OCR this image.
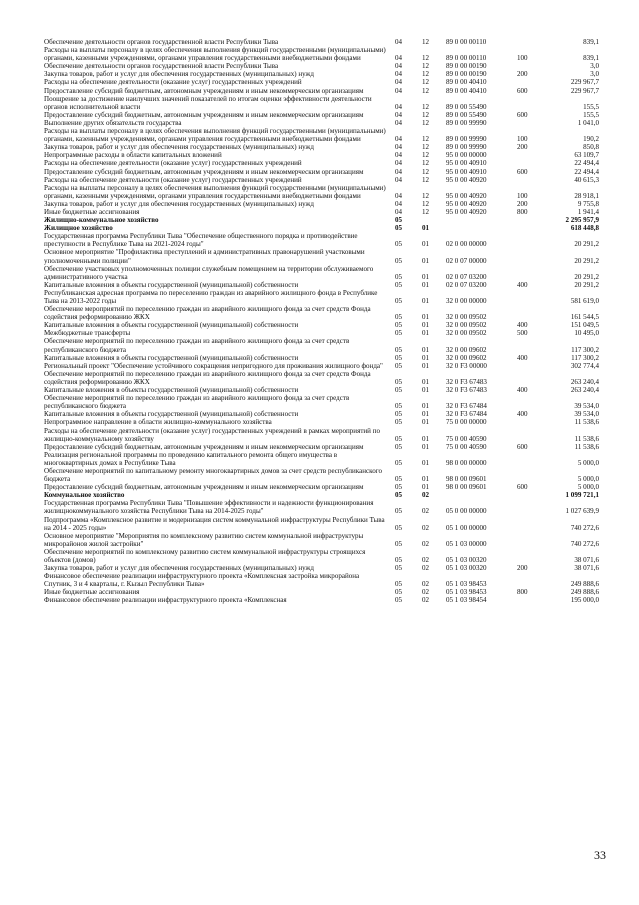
Обеспечение деятельности органов государственной власти Республики Тыва	04	12	89 0 00 00110	839,1
Расходы на выплаты персоналу в целях обеспечения выполнения функций государственными (муниципальными) органами, казенными учреждениями, органами управления государственными внебюджетными фондами	04	12	89 0 00 00110	100	839,1
Обеспечение деятельности органов государственной власти Республики Тыва	04	12	89 0 00 00190	3,0
Закупка товаров, работ и услуг для обеспечения государственных (муниципальных) нужд	04	12	89 0 00 00190	200	3,0
Расходы на обеспечение деятельности (оказание услуг) государственных учреждений	04	12	89 0 00 40410	229 967,7
Предоставление субсидий бюджетным, автономным учреждениям и иным некоммерческим организациям	04	12	89 0 00 40410	600	229 967,7
Поощрение за достижение наилучших значений показателей по итогам оценки эффективности деятельности органов исполнительной власти	04	12	89 0 00 55490	155,5
Предоставление субсидий бюджетным, автономным учреждениям и иным некоммерческим организациям	04	12	89 0 00 55490	600	155,5
Выполнение других обязательств государства	04	12	89 0 00 99990	1 041,0
Расходы на выплаты персоналу в целях обеспечения выполнения функций государственными (муниципальными) органами, казенными учреждениями, органами управления государственными внебюджетными фондами	04	12	89 0 00 99990	100	190,2
Закупка товаров, работ и услуг для обеспечения государственных (муниципальных) нужд	04	12	89 0 00 99990	200	850,8
Непрограммные расходы в области капитальных вложений	04	12	95 0 00 00000	63 109,7
Расходы на обеспечение деятельности (оказание услуг) государственных учреждений	04	12	95 0 00 40910	22 494,4
Предоставление субсидий бюджетным, автономным учреждениям и иным некоммерческим организациям	04	12	95 0 00 40910	600	22 494,4
Расходы на обеспечение деятельности (оказание услуг) государственных учреждений	04	12	95 0 00 40920	40 615,3
Расходы на выплаты персоналу в целях обеспечения выполнения функций государственными (муниципальными) органами, казенными учреждениями, органами управления государственными внебюджетными фондами	04	12	95 0 00 40920	100	28 918,1
Закупка товаров, работ и услуг для обеспечения государственных (муниципальных) нужд	04	12	95 0 00 40920	200	9 755,8
Иные бюджетные ассигнования	04	12	95 0 00 40920	800	1 941,4
Жилищно-коммунальное хозяйство	05	2 295 957,9
Жилищное хозяйство	05	01	618 448,8
Государственная программа Республики Тыва "Обеспечение общественного порядка и противодействие преступности в Республике Тыва на 2021-2024 годы"	05	01	02 0 00 00000	20 291,2
Основное мероприятие "Профилактика преступлений и административных правонарушений участковыми уполномоченными полиции"	05	01	02 0 07 00000	20 291,2
Обеспечение участковых уполномоченных полиции служебным помещением на территории обслуживаемого административного участка	05	01	02 0 07 03200	20 291,2
Капитальные вложения в объекты государственной (муниципальной) собственности	05	01	02 0 07 03200	400	20 291,2
Республиканская адресная программа по переселению граждан из аварийного жилищного фонда в Республике Тыва на 2013-2022 годы	05	01	32 0 00 00000	581 619,0
Обеспечение мероприятий по переселению граждан из аварийного жилищного фонда за счет средств Фонда содействия реформированию ЖКХ	05	01	32 0 00 09502	161 544,5
Капитальные вложения в объекты государственной (муниципальной) собственности	05	01	32 0 00 09502	400	151 049,5
Межбюджетные трансферты	05	01	32 0 00 09502	500	10 495,0
Обеспечение мероприятий по переселению граждан из аварийного жилищного фонда за счет средств республиканского бюджета	05	01	32 0 00 09602	117 300,2
Капитальные вложения в объекты государственной (муниципальной) собственности	05	01	32 0 00 09602	400	117 300,2
Региональный проект "Обеспечение устойчивого сокращения непригодного для проживания жилищного фонда"	05	01	32 0 F3 00000	302 774,4
Обеспечение мероприятий по переселению граждан из аварийного жилищного фонда за счет средств Фонда содействия реформированию ЖКХ	05	01	32 0 F3 67483	263 240,4
Капитальные вложения в объекты государственной (муниципальной) собственности	05	01	32 0 F3 67483	400	263 240,4
Обеспечение мероприятий по переселению граждан из аварийного жилищного фонда за счет средств республиканского бюджета	05	01	32 0 F3 67484	39 534,0
Капитальные вложения в объекты государственной (муниципальной) собственности	05	01	32 0 F3 67484	400	39 534,0
Непрограммное направление в области жилищно-коммунального хозяйства	05	01	75 0 00 00000	11 538,6
Расходы на обеспечение деятельности (оказание услуг) государственных учреждений в рамках мероприятий по жилищно-коммунальному хозяйству	05	01	75 0 00 40590	11 538,6
Предоставление субсидий бюджетным, автономным учреждениям и иным некоммерческим организациям	05	01	75 0 00 40590	600	11 538,6
Реализация региональной программы по проведению капитального ремонта общего имущества в многоквартирных домах в Республике Тыва	05	01	98 0 00 00000	5 000,0
Обеспечение мероприятий по капитальному ремонту многоквартирных домов за счет средств республиканского бюджета	05	01	98 0 00 09601	5 000,0
Предоставление субсидий бюджетным, автономным учреждениям и иным некоммерческим организациям	05	01	98 0 00 09601	600	5 000,0
Коммунальное хозяйство	05	02	1 099 721,1
Государственная программа Республики Тыва "Повышение эффективности и надежности функционирования жилищнокоммунального хозяйства Республики Тыва на 2014-2025 годы"	05	02	05 0 00 00000	1 027 639,9
Подпрограмма «Комплексное развитие и модернизация систем коммунальной инфраструктуры Республики Тыва на 2014 - 2025 годы»	05	02	05 1 00 00000	740 272,6
Основное мероприятие "Мероприятия по комплексному развитию систем коммунальной инфраструктуры микрорайонов жилой застройки"	05	02	05 1 03 00000	740 272,6
Обеспечение мероприятий по комплексному развитию систем коммунальной инфраструктуры строящихся объектов (домов)	05	02	05 1 03 00320	38 071,6
Закупка товаров, работ и услуг для обеспечения государственных (муниципальных) нужд	05	02	05 1 03 00320	200	38 071,6
Финансовое обеспечение реализации инфраструктурного проекта «Комплексная застройка микрорайона Спутник, 3 и 4 кварталы, г. Кызыл Республики Тыва»	05	02	05 1 03 98453	249 888,6
Иные бюджетные ассигнования	05	02	05 1 03 98453	800	249 888,6
Финансовое обеспечение реализации инфраструктурного проекта «Комплексная	05	02	05 1 03 98454	195 000,0
33
